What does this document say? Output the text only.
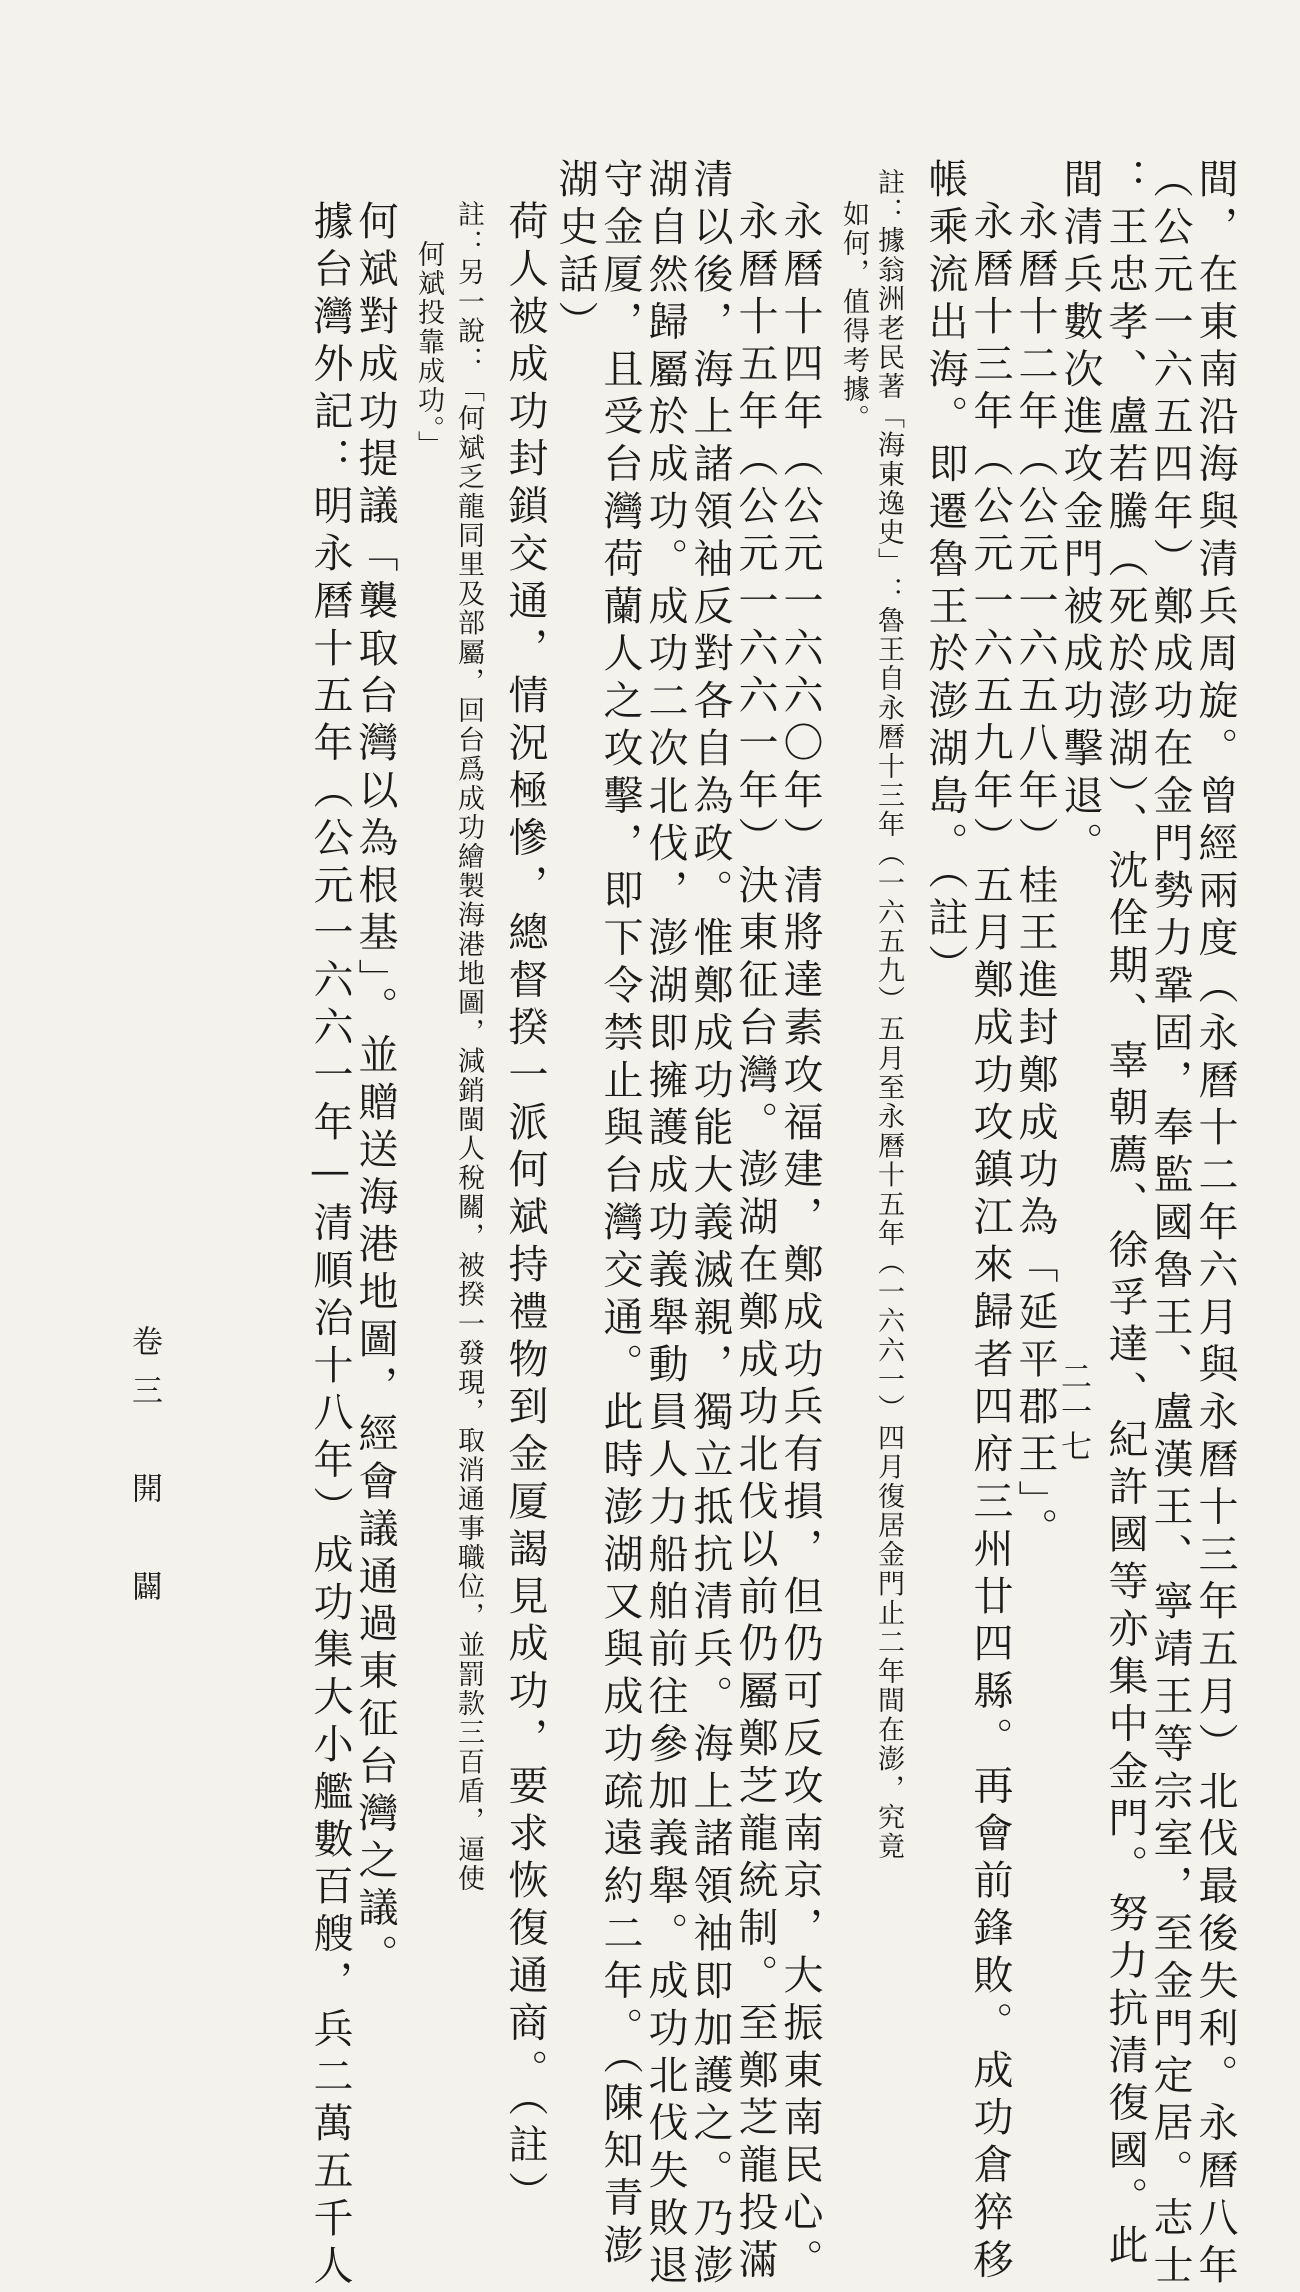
間，在東南沿海與清兵周旋。曾經兩度（永曆十二年六月與永曆十三年五月）北伐最後失利。永曆八年
（公元一六五四年）鄭成功在金門勢力鞏固，奉監國魯王、盧漢王、寧靖王等宗室，至金門定居。志士
：王忠孝、盧若騰（死於澎湖）、沈佺期、辜朝薦、徐孚達、紀許國等亦集中金門。努力抗清復國。此
間清兵數次進攻金門被成功擊退。
永曆十二年（公元一六五八年）桂王進封鄭成功為「延平郡王」。
永曆十三年（公元一六五九年）五月鄭成功攻鎮江來歸者四府三州廿四縣。再會前鋒敗。成功倉猝移
帳乘流出海。即遷魯王於澎湖島。（註）
註：據翁洲老民著「海東逸史」：魯王自永曆十三年（一六五九）五月至永曆十五年（一六六一）四月復居金門止二年間在澎，究竟
如何，值得考據。
永曆十四年（公元一六六〇年）清將達素攻福建，鄭成功兵有損，但仍可反攻南京，大振東南民心。
永曆十五年（公元一六六一年）決東征台灣。澎湖在鄭成功北伐以前仍屬鄭芝龍統制。至鄭芝龍投滿
清以後，海上諸領袖反對各自為政。惟鄭成功能大義滅親，獨立抵抗清兵。海上諸領袖即加護之。乃澎
湖自然歸屬於成功。成功二次北伐，澎湖即擁護成功義舉動員人力船舶前往參加義舉。成功北伐失敗退
守金厦，且受台灣荷蘭人之攻擊，即下令禁止與台灣交通。此時澎湖又與成功疏遠約二年。（陳知青澎
湖史話）
荷人被成功封鎖交通，情況極慘，總督揆一派何斌持禮物到金厦謁見成功，要求恢復通商。（註）
註：另一說：「何斌乏龍同里及部屬，回台爲成功繪製海港地圖，減銷閩人稅關，被揆一發現，取消通事職位，並罰款三百盾，逼使
何斌投靠成功。」
何斌對成功提議「襲取台灣以為根基」。並贈送海港地圖，經會議通過東征台灣之議。
據台灣外記：明永曆十五年（公元一六六一年—清順治十八年）成功集大小艦數百艘，兵二萬五千人
卷三　開　闢	二一七
